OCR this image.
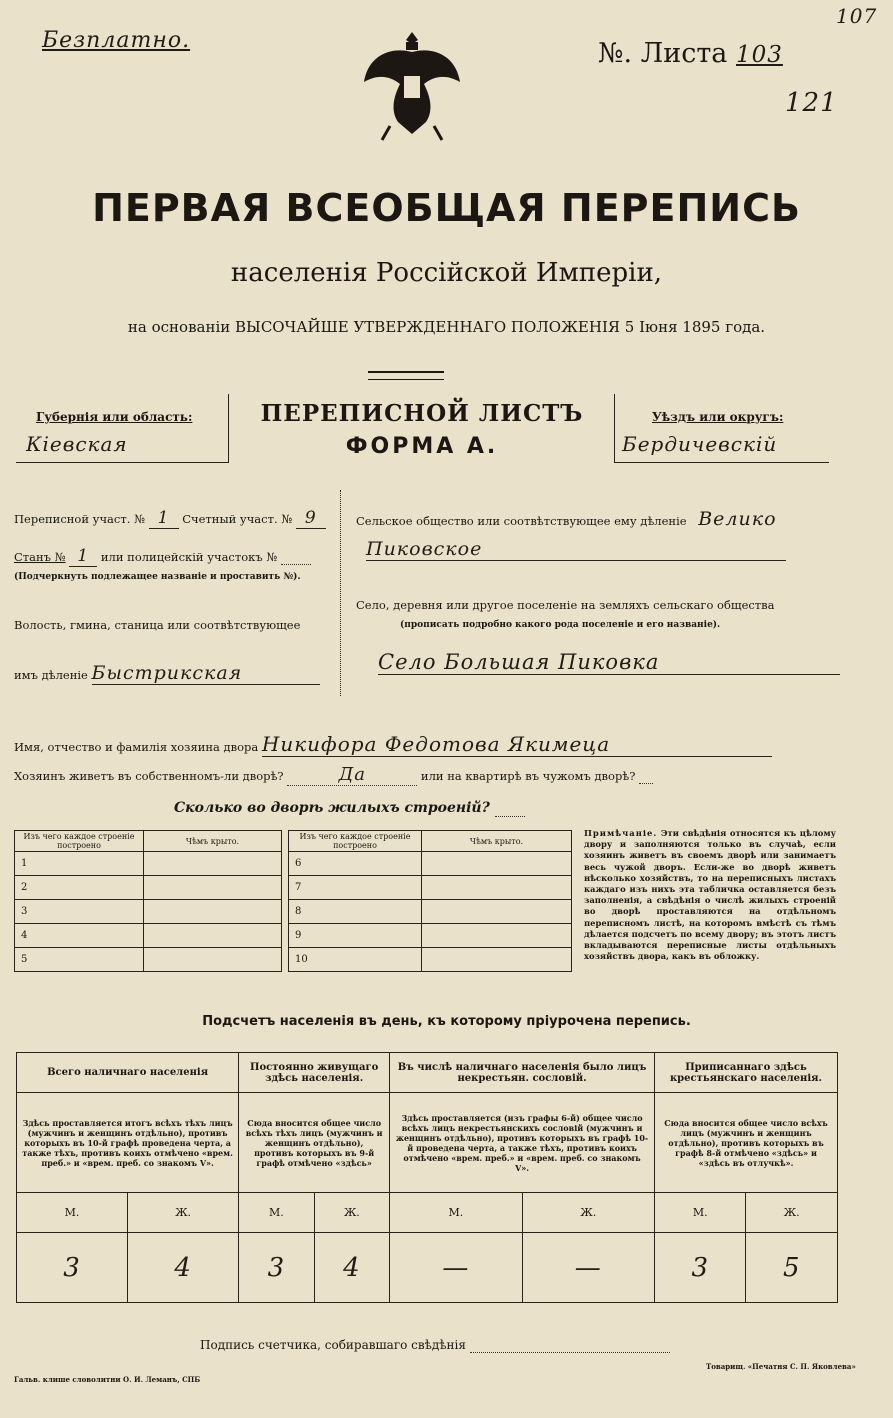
Безплатно.	№. Листа 103
121
107
ПЕРВАЯ ВСЕОБЩАЯ ПЕРЕПИСЬ
населенія Россійской Имперіи,
на основаніи ВЫСОЧАЙШЕ УТВЕРЖДЕННАГО ПОЛОЖЕНІЯ 5 Іюня 1895 года.
Губернія или область:
Кіевская
ПЕРЕПИСНОЙ ЛИСТЪ
ФОРМА А.
Уѣздъ или округъ:
Бердичевскій
Переписной участ. № 1 Счетный участ. № 9
Станъ № 1 или полицейскій участокъ №
(Подчеркнуть подлежащее названіе и проставить №).
Волость, гмина, станица или соотвѣтствующее
имъ дѣленіе Быстрикская
Сельское общество или соотвѣтствующее ему дѣленіе Велико
Пиковское
Село, деревня или другое поселеніе на земляхъ сельскаго общества
(прописать подробно какого рода поселеніе и его названіе).
Село Большая Пиковка
Имя, отчество и фамилія хозяина двора Никифора Федотова Якимеца
Хозяинъ живетъ въ собственномъ-ли дворѣ?	Да	или на квартирѣ въ чужомъ дворѣ?
Сколько во дворѣ жилыхъ строеній?
Изъ чего каждое строеніе построено	Чѣмъ крыто.
1	
2	
3	
4	
5	
Изъ чего каждое строеніе построено	Чѣмъ крыто.
6	
7	
8	
9	
10	
Примѣчаніе. Эти свѣдѣнія относятся къ цѣлому двору и заполняются только въ случаѣ, если хозяинъ живетъ въ своемъ дворѣ или занимаетъ весь чужой дворъ. Если-же во дворѣ живетъ нѣсколько хозяйствъ, то на переписныхъ листахъ каждаго изъ нихъ эта табличка оставляется безъ заполненія, а свѣдѣнія о числѣ жилыхъ строеній во дворѣ проставляются на отдѣльномъ переписномъ листѣ, на которомъ вмѣстѣ съ тѣмъ дѣлается подсчетъ по всему двору; въ этотъ листъ вкладываются переписные листы отдѣльныхъ хозяйствъ двора, какъ въ обложку.
Подсчетъ населенія въ день, къ которому пріурочена перепись.
Всего наличнаго населенія		Постоянно живущаго здѣсь населенія.		Въ числѣ наличнаго населенія было лицъ некрестьян. сословій.		Приписаннаго здѣсь крестьянскаго населенія.	
Здѣсь проставляется итогъ всѣхъ тѣхъ лицъ (мужчинъ и женщинъ отдѣльно), противъ которыхъ въ 10-й графѣ проведена черта, а также тѣхъ, противъ коихъ отмѣчено «врем. преб.» и «врем. преб. со знакомъ V».		Сюда вносится общее число всѣхъ тѣхъ лицъ (мужчинъ и женщинъ отдѣльно), противъ которыхъ въ 9-й графѣ отмѣчено «здѣсь»		Здѣсь проставляется (изъ графы 6-й) общее число всѣхъ лицъ некрестьянскихъ сословій (мужчинъ и женщинъ отдѣльно), противъ которыхъ въ графѣ 10-й проведена черта, а также тѣхъ, противъ коихъ отмѣчено «врем. преб.» и «врем. преб. со знакомъ V».		Сюда вносится общее число всѣхъ лицъ (мужчинъ и женщинъ отдѣльно), противъ которыхъ въ графѣ 8-й отмѣчено «здѣсь» и «здѣсь въ отлучкѣ».	
М.	Ж.	М.	Ж.	М.	Ж.	М.	Ж.
3	4	3	4	—	—	3	5
Подпись счетчика, собиравшаго свѣдѣнія
Гальв. клише словолитни О. И. Леманъ, СПБ
Товарищ. «Печатня С. П. Яковлева»
